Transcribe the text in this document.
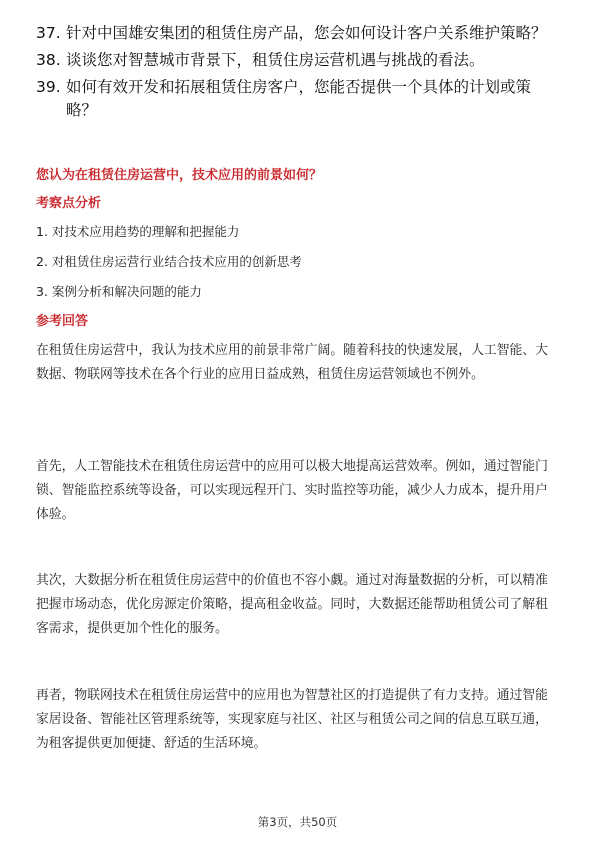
37. 针对中国雄安集团的租赁住房产品，您会如何设计客户关系维护策略？
38. 谈谈您对智慧城市背景下，租赁住房运营机遇与挑战的看法。
39. 如何有效开发和拓展租赁住房客户，您能否提供一个具体的计划或策略？
您认为在租赁住房运营中，技术应用的前景如何？
考察点分析
1. 对技术应用趋势的理解和把握能力
2. 对租赁住房运营行业结合技术应用的创新思考
3. 案例分析和解决问题的能力
参考回答

在租赁住房运营中，我认为技术应用的前景非常广阔。随着科技的快速发展，人工智能、大数据、物联网等技术在各个行业的应用日益成熟，租赁住房运营领域也不例外。

首先，人工智能技术在租赁住房运营中的应用可以极大地提高运营效率。例如，通过智能门锁、智能监控系统等设备，可以实现远程开门、实时监控等功能，减少人力成本，提升用户体验。

其次，大数据分析在租赁住房运营中的价值也不容小觑。通过对海量数据的分析，可以精准把握市场动态，优化房源定价策略，提高租金收益。同时，大数据还能帮助租赁公司了解租客需求，提供更加个性化的服务。

再者，物联网技术在租赁住房运营中的应用也为智慧社区的打造提供了有力支持。通过智能家居设备、智能社区管理系统等，实现家庭与社区、社区与租赁公司之间的信息互联互通，为租客提供更加便捷、舒适的生活环境。

第3页，共50页
